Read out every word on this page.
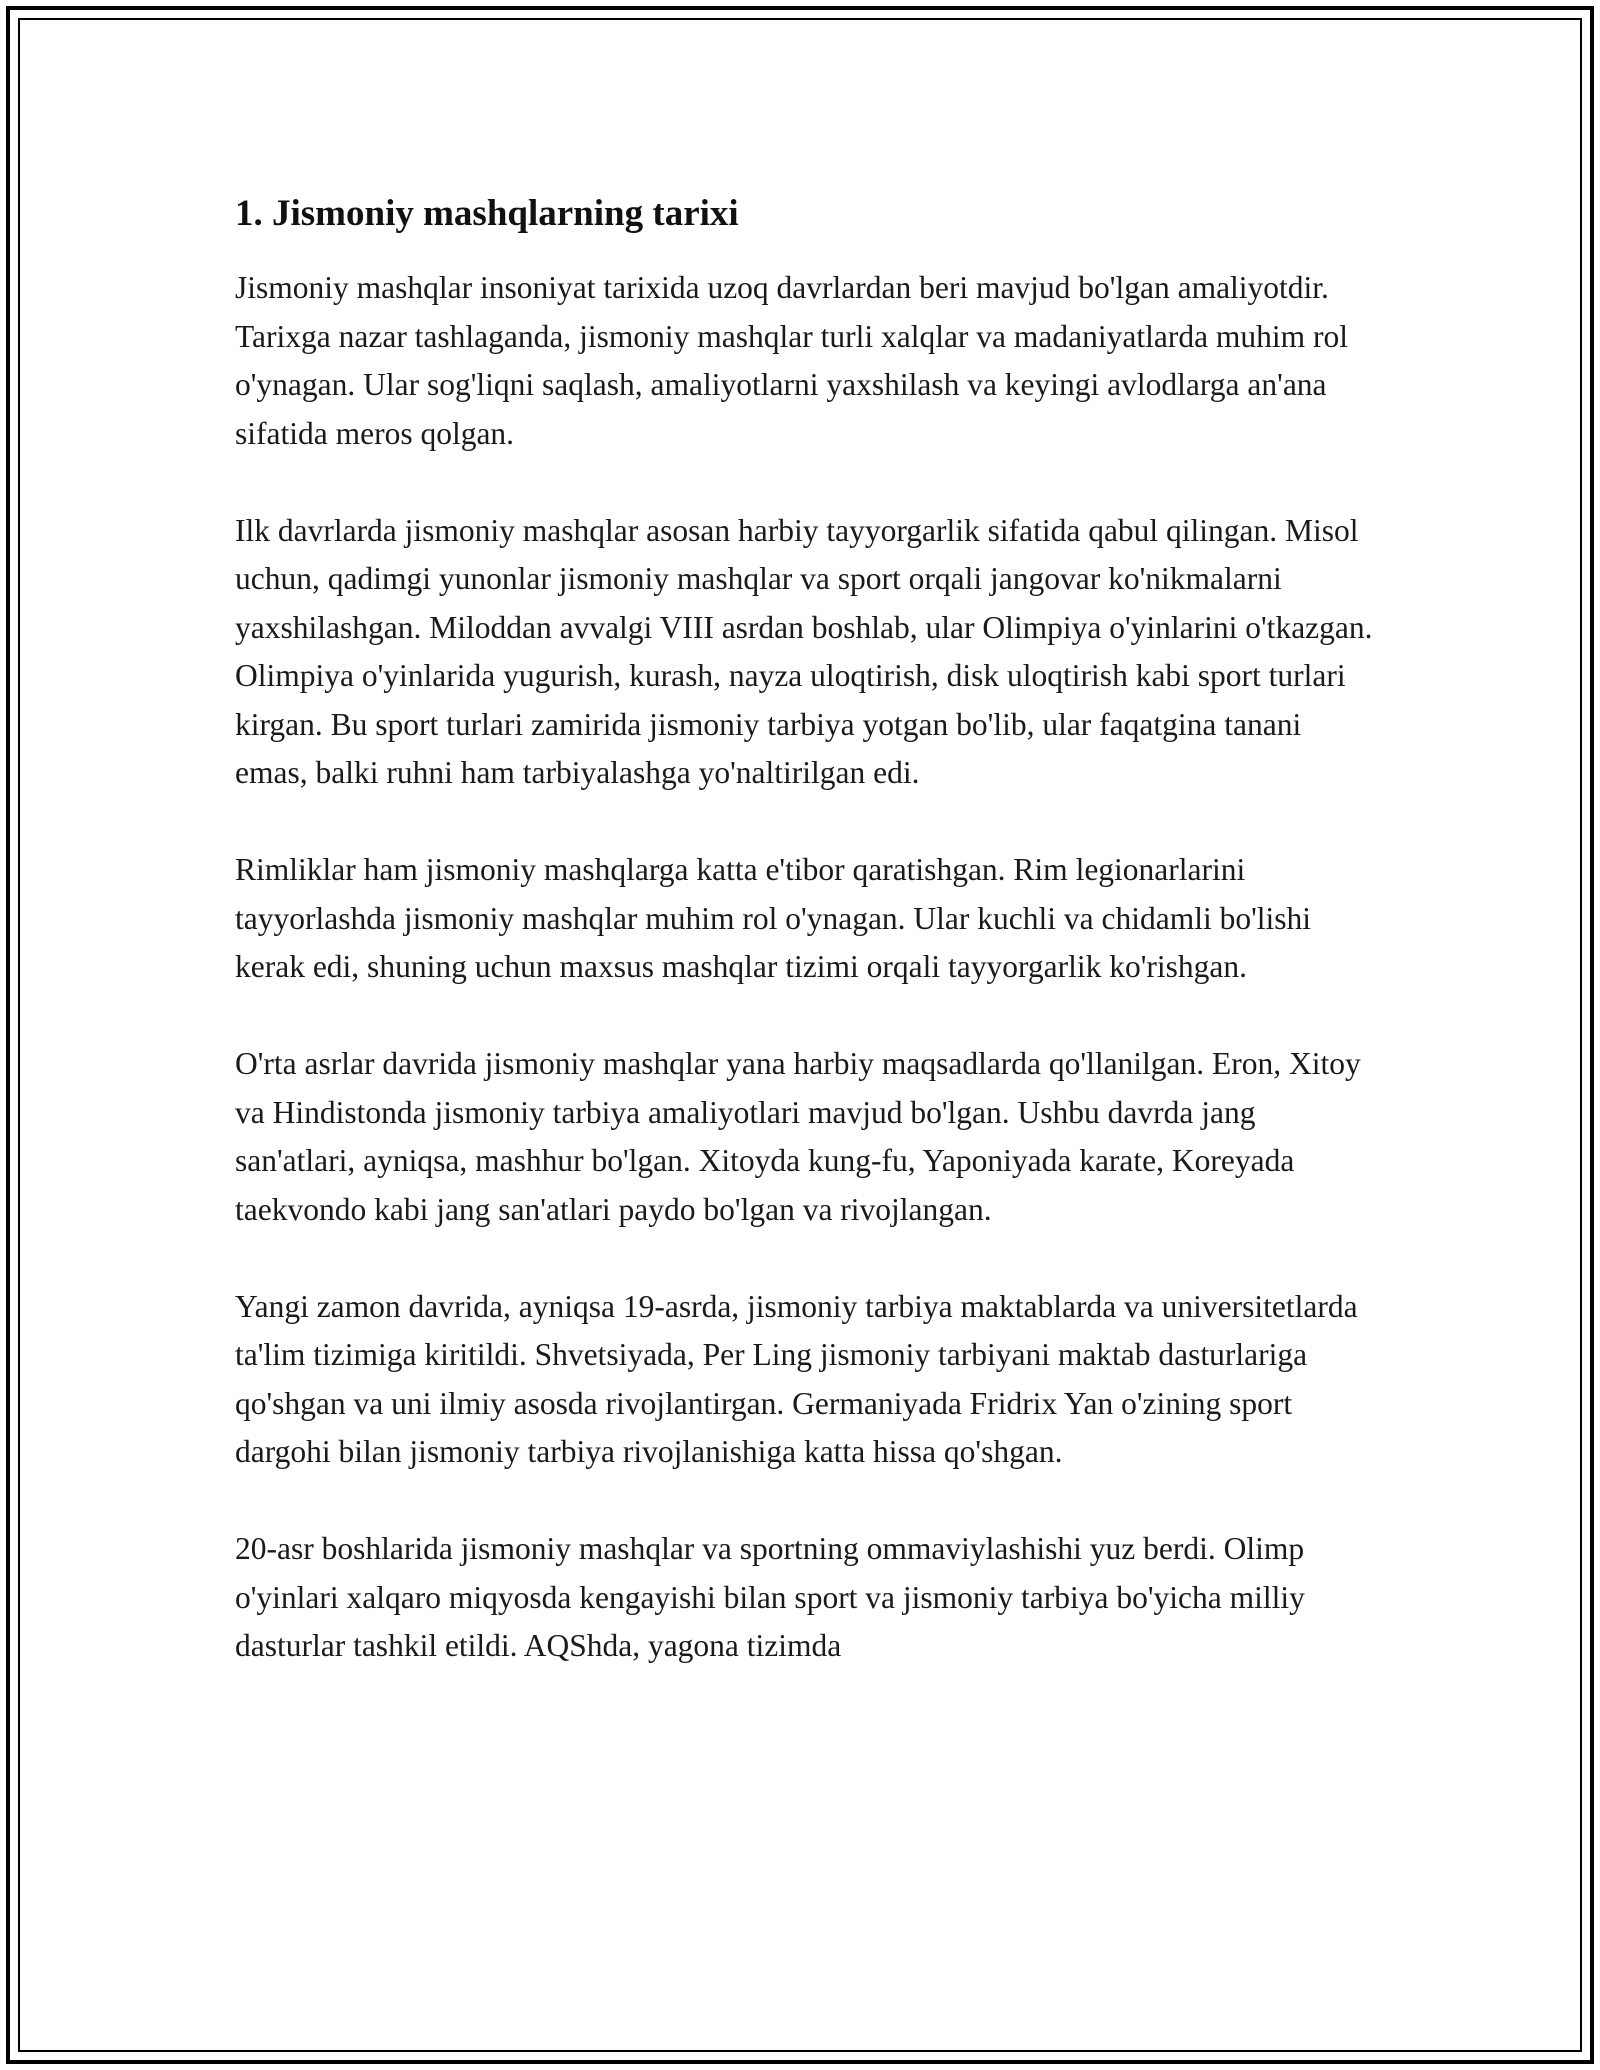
1. Jismoniy mashqlarning tarixi

Jismoniy mashqlar insoniyat tarixida uzoq davrlardan beri mavjud bo'lgan amaliyotdir. Tarixga nazar tashlaganda, jismoniy mashqlar turli xalqlar va madaniyatlarda muhim rol o'ynagan. Ular sog'liqni saqlash, amaliyotlarni yaxshilash va keyingi avlodlarga an'ana sifatida meros qolgan.

Ilk davrlarda jismoniy mashqlar asosan harbiy tayyorgarlik sifatida qabul qilingan. Misol uchun, qadimgi yunonlar jismoniy mashqlar va sport orqali jangovar ko'nikmalarni yaxshilashgan. Miloddan avvalgi VIII asrdan boshlab, ular Olimpiya o'yinlarini o'tkazgan. Olimpiya o'yinlarida yugurish, kurash, nayza uloqtirish, disk uloqtirish kabi sport turlari kirgan. Bu sport turlari zamirida jismoniy tarbiya yotgan bo'lib, ular faqatgina tanani emas, balki ruhni ham tarbiyalashga yo'naltirilgan edi.

Rimliklar ham jismoniy mashqlarga katta e'tibor qaratishgan. Rim legionarlarini tayyorlashda jismoniy mashqlar muhim rol o'ynagan. Ular kuchli va chidamli bo'lishi kerak edi, shuning uchun maxsus mashqlar tizimi orqali tayyorgarlik ko'rishgan.

O'rta asrlar davrida jismoniy mashqlar yana harbiy maqsadlarda qo'llanilgan. Eron, Xitoy va Hindistonda jismoniy tarbiya amaliyotlari mavjud bo'lgan. Ushbu davrda jang san'atlari, ayniqsa, mashhur bo'lgan. Xitoyda kung-fu, Yaponiyada karate, Koreyada taekvondo kabi jang san'atlari paydo bo'lgan va rivojlangan.

Yangi zamon davrida, ayniqsa 19-asrda, jismoniy tarbiya maktablarda va universitetlarda ta'lim tizimiga kiritildi. Shvetsiyada, Per Ling jismoniy tarbiyani maktab dasturlariga qo'shgan va uni ilmiy asosda rivojlantirgan. Germaniyada Fridrix Yan o'zining sport dargohi bilan jismoniy tarbiya rivojlanishiga katta hissa qo'shgan.

20-asr boshlarida jismoniy mashqlar va sportning ommaviylashishi yuz berdi. Olimp o'yinlari xalqaro miqyosda kengayishi bilan sport va jismoniy tarbiya bo'yicha milliy dasturlar tashkil etildi. AQShda, yagona tizimda
